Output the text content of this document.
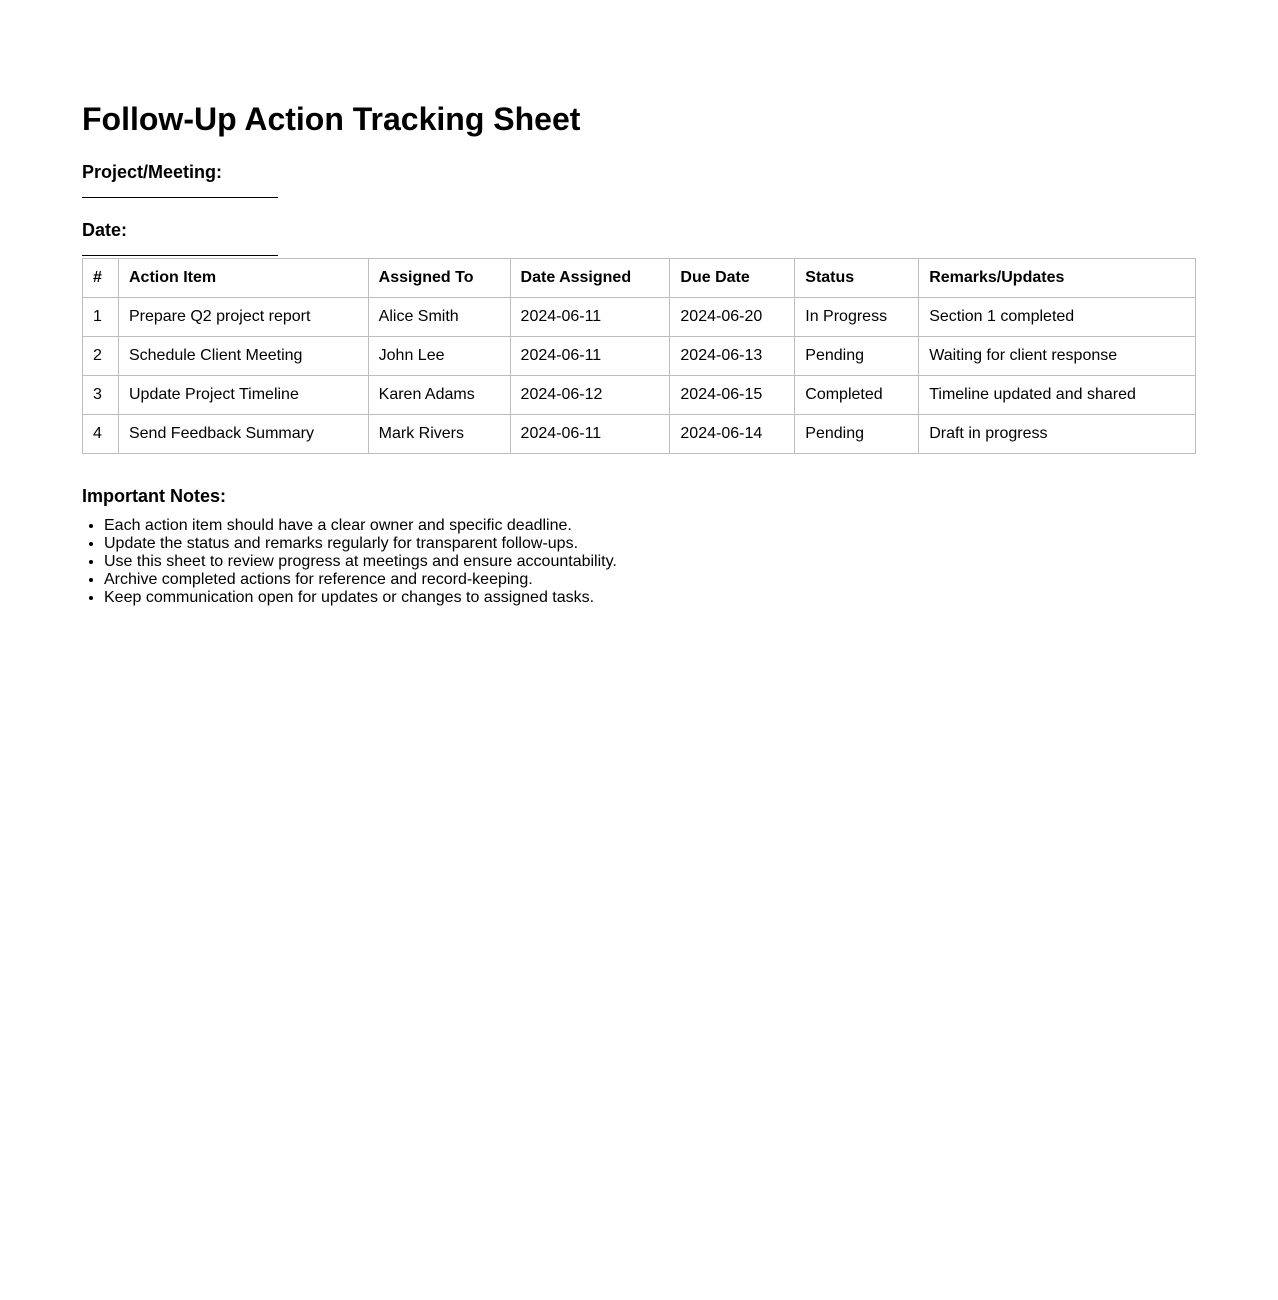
Follow-Up Action Tracking Sheet
Project/Meeting:
Date:
#	Action Item	Assigned To	Date Assigned	Due Date	Status	Remarks/Updates
1	Prepare Q2 project report	Alice Smith	2024-06-11	2024-06-20	In Progress	Section 1 completed
2	Schedule Client Meeting	John Lee	2024-06-11	2024-06-13	Pending	Waiting for client response
3	Update Project Timeline	Karen Adams	2024-06-12	2024-06-15	Completed	Timeline updated and shared
4	Send Feedback Summary	Mark Rivers	2024-06-11	2024-06-14	Pending	Draft in progress
Important Notes:
• Each action item should have a clear owner and specific deadline.
• Update the status and remarks regularly for transparent follow-ups.
• Use this sheet to review progress at meetings and ensure accountability.
• Archive completed actions for reference and record-keeping.
• Keep communication open for updates or changes to assigned tasks.
